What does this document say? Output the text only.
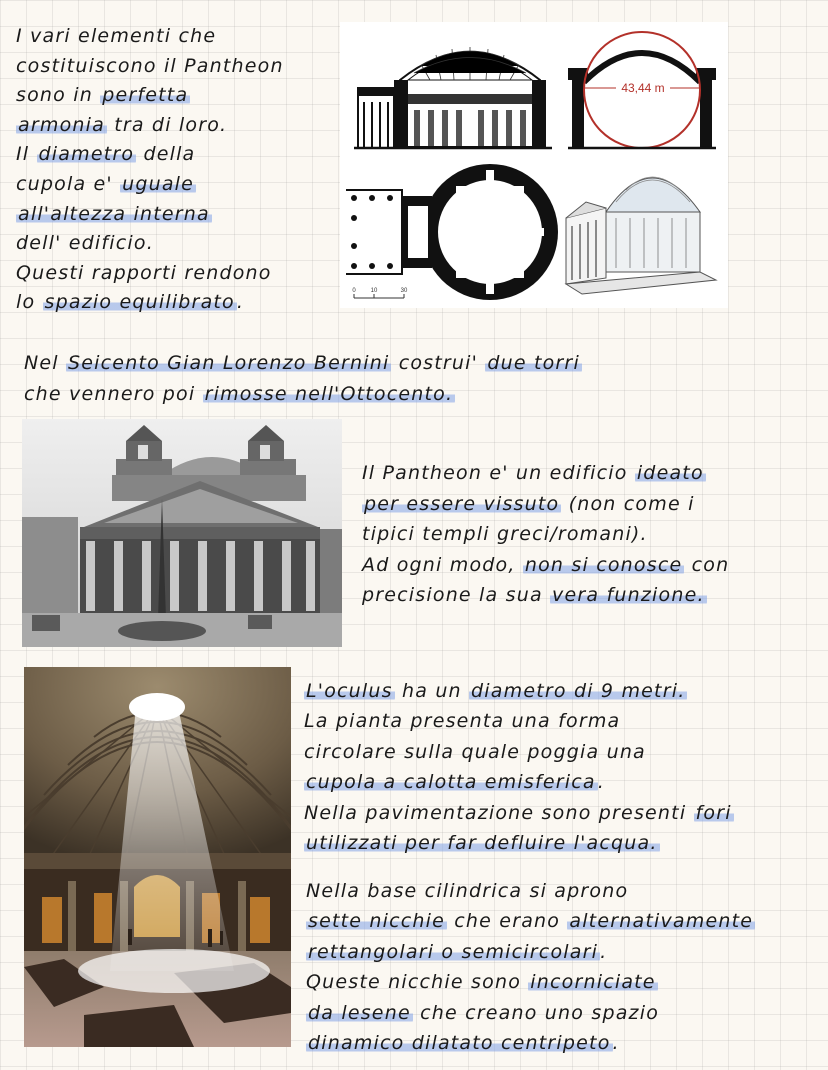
I vari elementi che
costituiscono il Pantheon
sono in perfetta
armonia tra di loro.
Il diametro della
cupola e' uguale
all'altezza interna
dell' edificio.
Questi rapporti rendono
lo spazio equilibrato .
43,44 m
0 10	30
Nel Seicento Gian Lorenzo Bernini costrui' due torri
che vennero poi rimosse nell'Ottocento.
Il Pantheon e' un edificio ideato
per essere vissuto (non come i
tipici templi greci/romani).
Ad ogni modo, non si conosce con
precisione la sua vera funzione.
L'oculus ha un diametro di 9 metri.
La pianta presenta una forma
circolare sulla quale poggia una
cupola a calotta emisferica .
Nella pavimentazione sono presenti fori
utilizzati per far defluire l'acqua.
Nella base cilindrica si aprono
sette nicchie che erano alternativamente
rettangolari o semicircolari .
Queste nicchie sono incorniciate
da lesene che creano uno spazio
dinamico dilatato centripeto .
